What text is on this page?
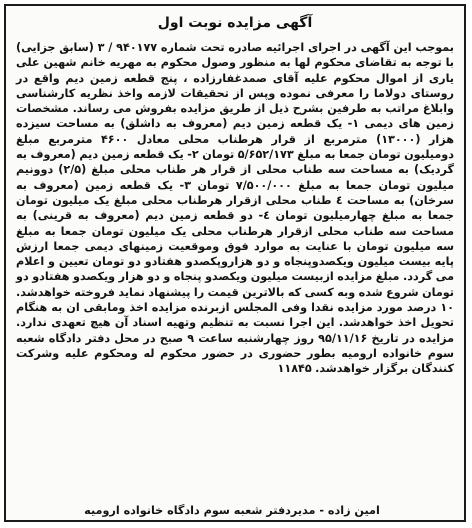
آگهی مزایده نوبت اول
بموجب این آگهی در اجرای اجرائیه صادره تحت شماره ۹۴۰۱۷۷ / ۳ (سابق جزایی) با توجه به تقاضای محکوم لها به منظور وصول محکوم به مهریه خانم شهین علی یاری از اموال محکوم علیه آقای صمدغفارزاده ، پنج قطعه زمین دیم واقع در روستای دولاما را معرفی نموده وپس از تحقیقات لازمه واخذ نظریه کارشناسی وابلاغ مراتب به طرفین بشرح ذیل از طریق مزایده بفروش می رساند. مشخصات زمین های دیمی ۱- یک قطعه زمین دیم (معروف به داشلق) به مساحت سیزده هزار (۱۳۰۰۰) مترمربع از قرار هرطناب محلی معادل ۴۶۰۰ مترمربع مبلغ دومیلیون تومان جمعا به مبلغ ۵/۶۵۲/۱۷۳ تومان ۲- یک قطعه زمین دیم (معروف به گردیک) به مساحت سه طناب محلی از قرار هر طناب محلی مبلغ (۲/۵) دوونیم میلیون تومان جمعا به مبلغ ۷/۵۰۰/۰۰۰ تومان ۳- یک قطعه زمین (معروف به سرخان) به مساحت ٤ طناب محلی ازقرار هرطناب محلی مبلغ یک میلیون تومان جمعا به مبلغ چهارمیلیون تومان ٤- دو قطعه زمین دیم (معروف به قرینی) به مساحت سه طناب محلی ازقرار هرطناب محلی یک میلیون تومان جمعا به مبلغ سه میلیون تومان با عنایت به موارد فوق وموقعیت زمینهای دیمی جمعا ارزش پایه بیست میلیون ویکصدوپنجاه و دو هزاروپکصدو هفتادو دو تومان تعیین و اعلام می گردد. مبلغ مزایده ازبیست میلیون ویکصدو پنجاه و دو هزار ویکصدو هفتادو دو تومان شروع شده وبه کسی که بالاترین قیمت را پیشنهاد نماید فروخته خواهدشد. ۱۰ درصد مورد مزایده نقدا وفی المجلس ازبرنده مزایده اخذ ومابقی ان به هنگام تحویل اخذ خواهدشد. این اجرا نسبت به تنظیم وتهیه اسناد آن هیچ تعهدی ندارد. مزایده در تاریخ ۹۵/۱۱/۱۶ روز چهارشنبه ساعت ۹ صبح در محل دفتر دادگاه شعبه سوم خانواده ارومیه بطور حضوری در حضور محکوم له ومحکوم علیه وشرکت کنندگان برگزار خواهدشد. ۱۱۸۴۵
امین زاده - مدیردفتر شعبه سوم دادگاه خانواده ارومیه
